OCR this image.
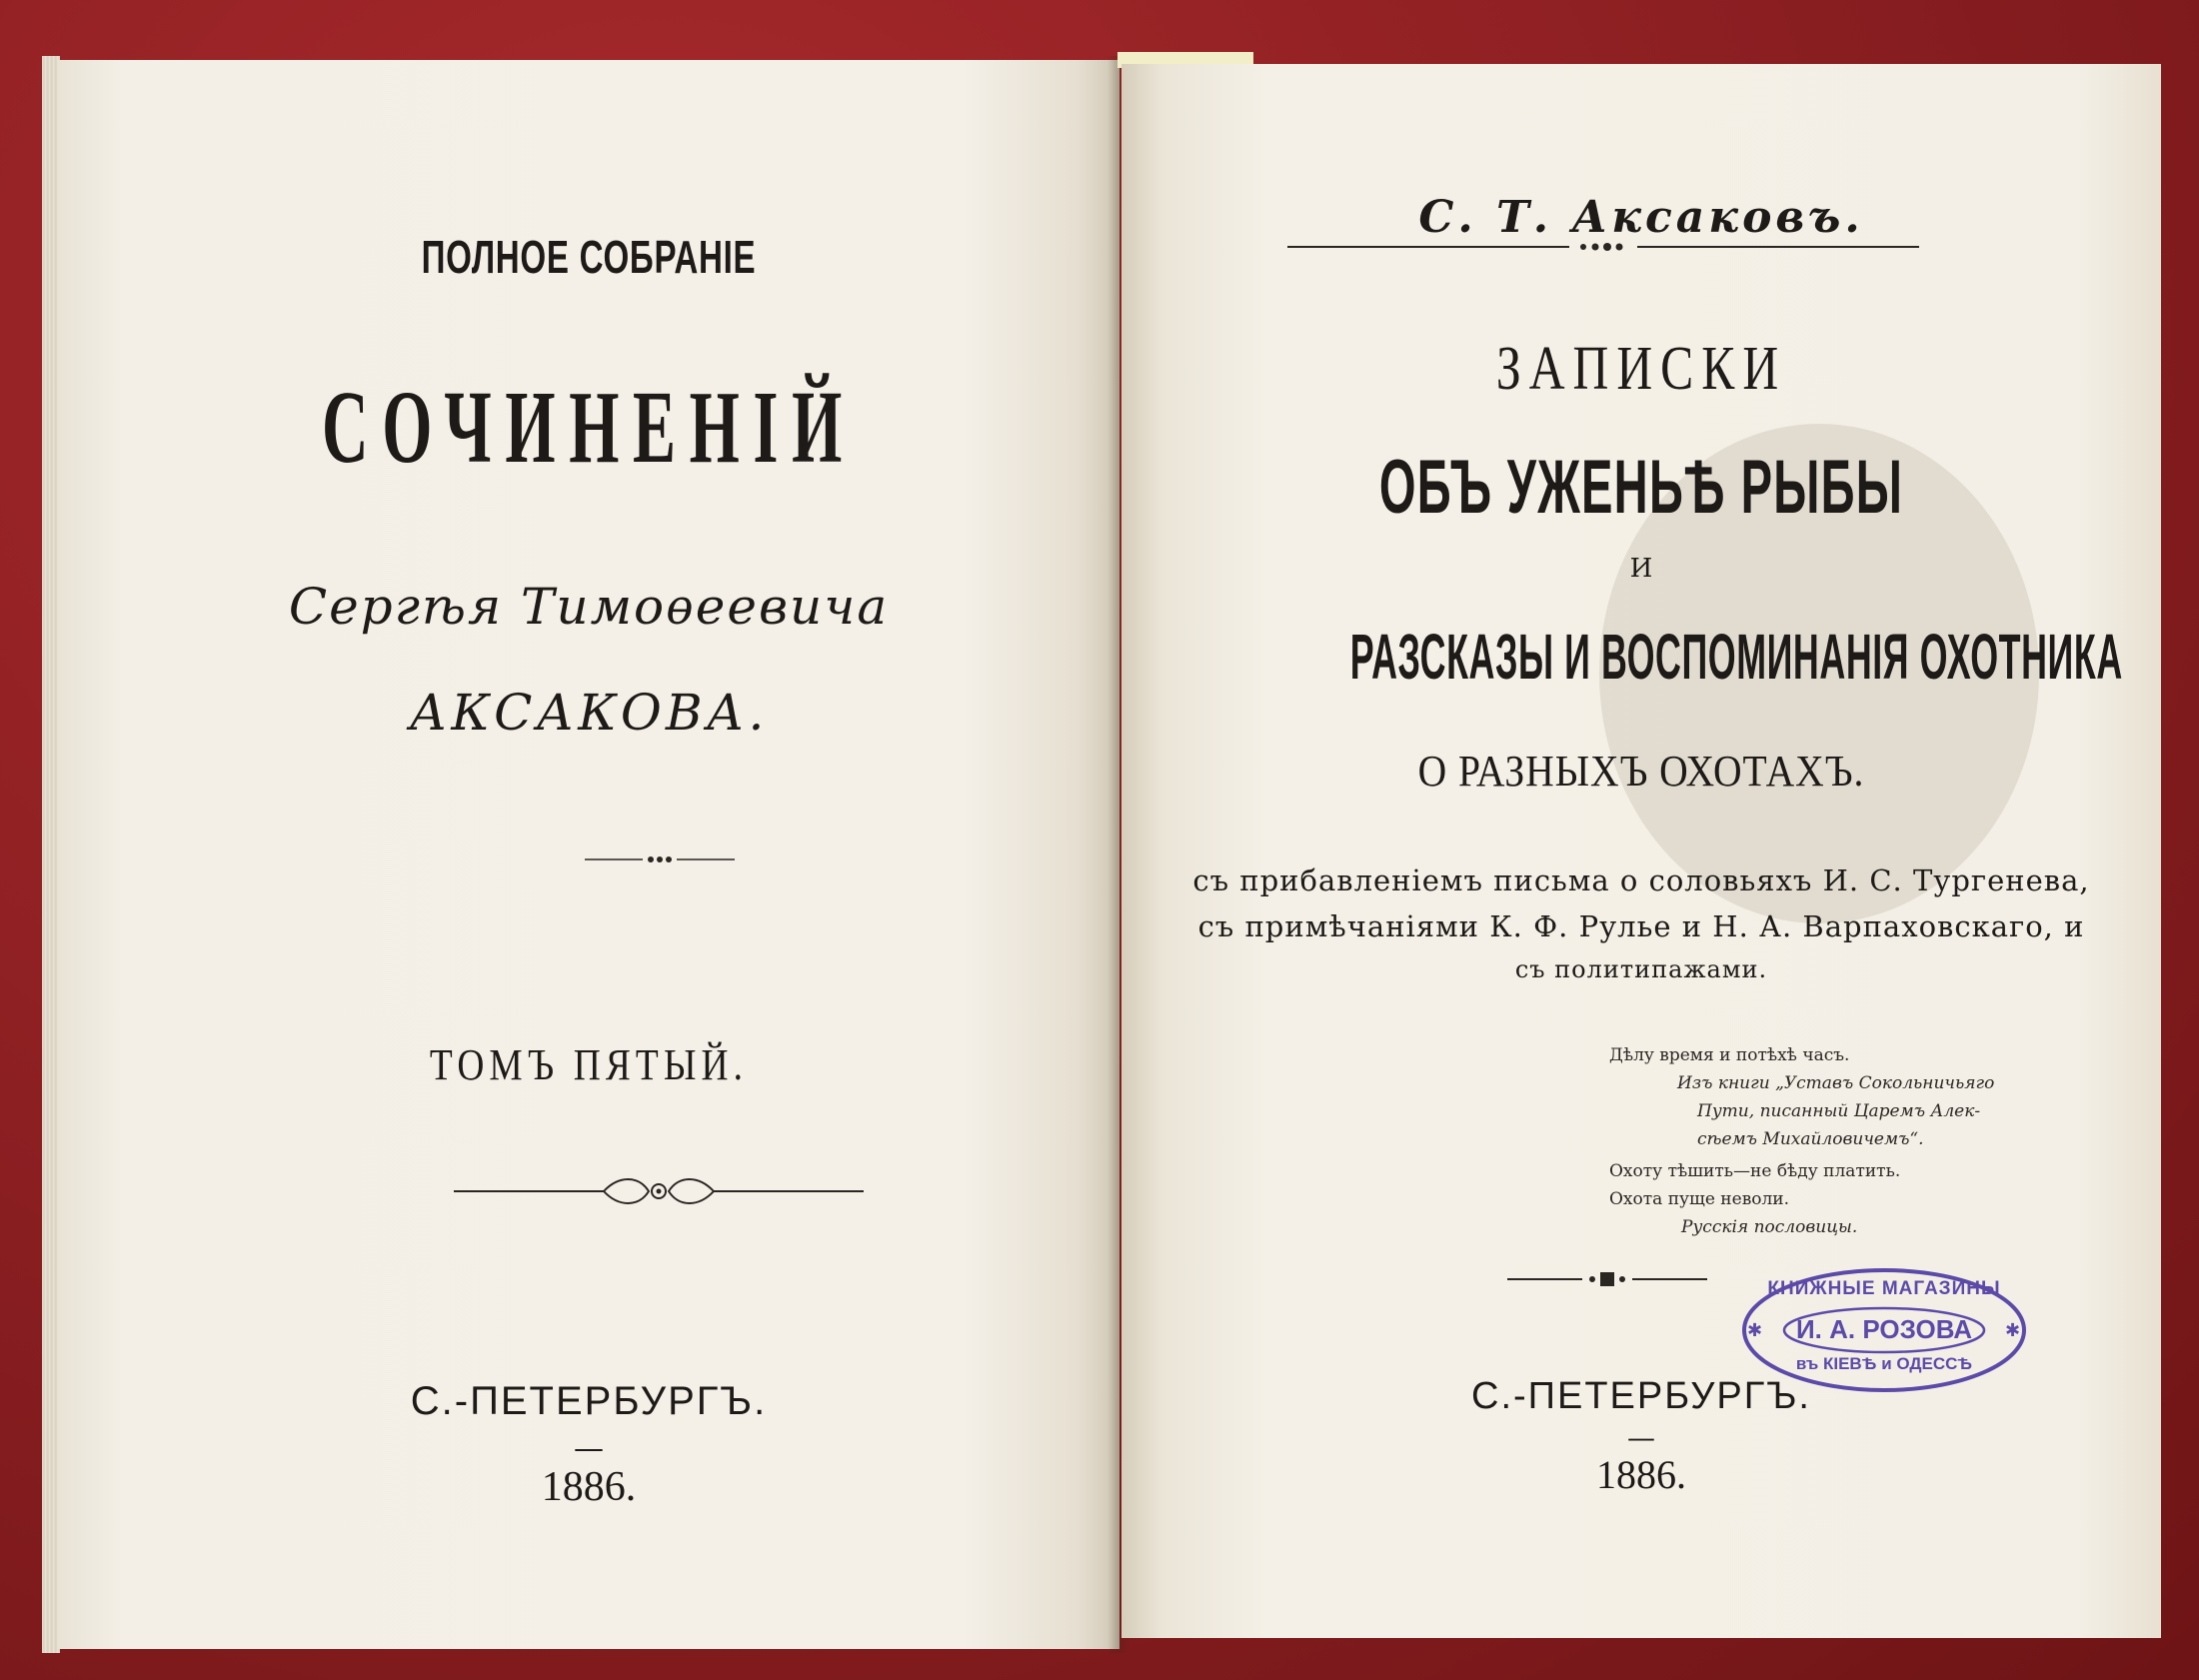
ПОЛНОЕ СОБРАНІЕ
СОЧИНЕНІЙ
Сергѣя Тимоѳеевича
АКСАКОВА.
ТОМЪ ПЯТЫЙ.
С.-ПЕТЕРБУРГЪ.
—
1886.
С. Т. Аксаковъ.
ЗАПИСКИ
ОБЪ УЖЕНЬѢ РЫБЫ
И
РАЗСКАЗЫ И ВОСПОМИНАНІЯ ОХОТНИКА
О РАЗНЫХЪ ОХОТАХЪ.
съ прибавленіемъ письма о соловьяхъ И. С. Тургенева,
съ примѣчаніями К. Ф. Рулье и Н. А. Варпаховскаго, и
съ политипажами.
Дѣлу время и потѣхѣ часъ.
Изъ книги „Уставъ Сокольничьяго
Пути, писанный Царемъ Алек-
сѣемъ Михайловичемъ“.
Охоту тѣшить—не бѣду платить.
Охота пуще неволи.
Русскія пословицы.
С.-ПЕТЕРБУРГЪ.
—
1886.
✱	✱
КНИЖНЫЕ МАГАЗИНЫ
И. А. РОЗОВА
въ КІЕВѢ и ОДЕССѢ
